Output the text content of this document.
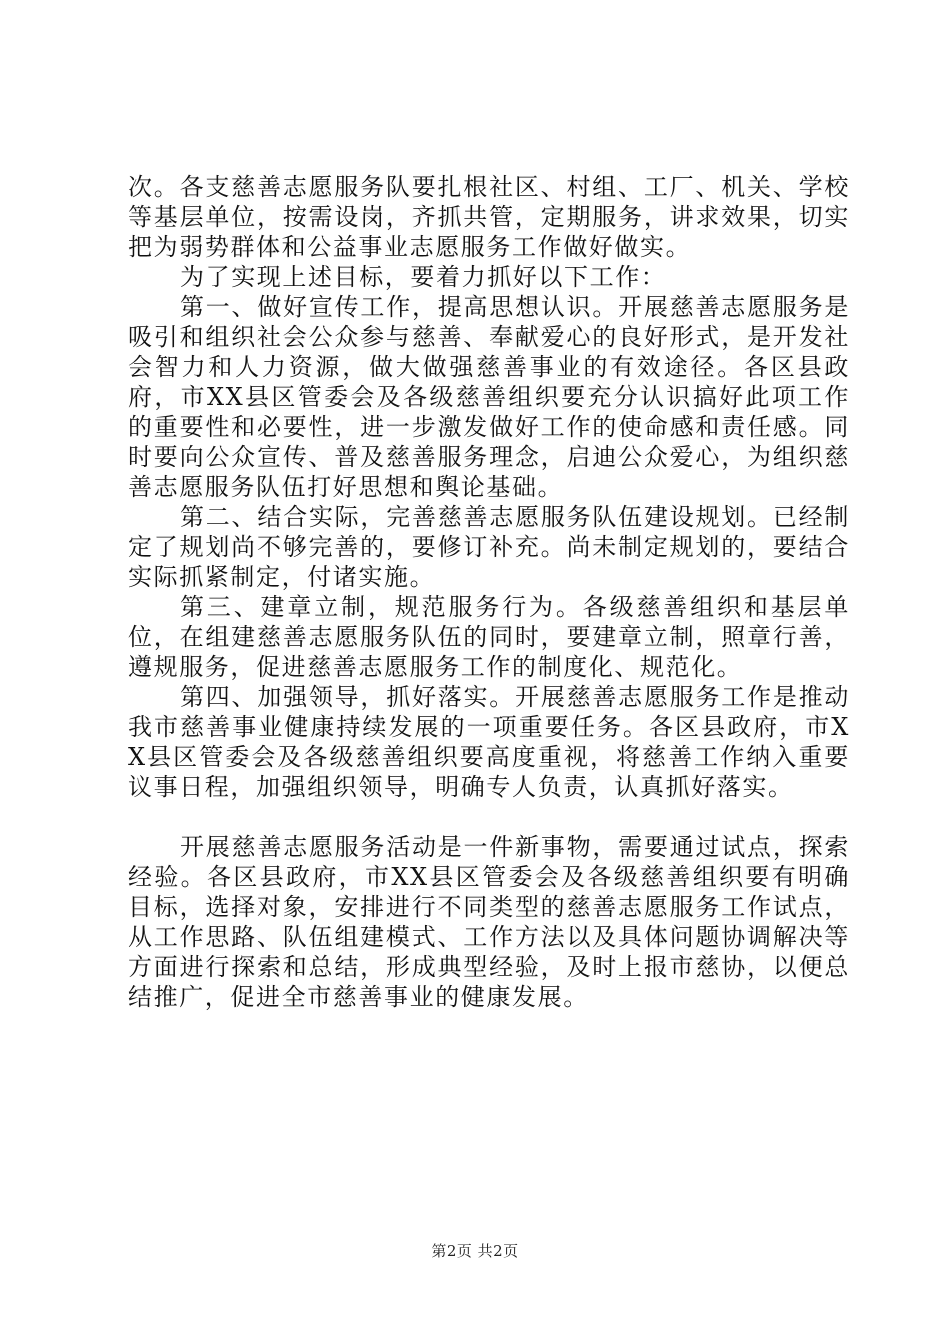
次。各支慈善志愿服务队要扎根社区、村组、工厂、机关、学校等基层单位，按需设岗，齐抓共管，定期服务，讲求效果，切实把为弱势群体和公益事业志愿服务工作做好做实。

为了实现上述目标，要着力抓好以下工作：

第一、做好宣传工作，提高思想认识。开展慈善志愿服务是吸引和组织社会公众参与慈善、奉献爱心的良好形式，是开发社会智力和人力资源，做大做强慈善事业的有效途径。各区县政府，市XX县区管委会及各级慈善组织要充分认识搞好此项工作的重要性和必要性，进一步激发做好工作的使命感和责任感。同时要向公众宣传、普及慈善服务理念，启迪公众爱心，为组织慈善志愿服务队伍打好思想和舆论基础。

第二、结合实际，完善慈善志愿服务队伍建设规划。已经制定了规划尚不够完善的，要修订补充。尚未制定规划的，要结合实际抓紧制定，付诸实施。

第三、建章立制，规范服务行为。各级慈善组织和基层单位，在组建慈善志愿服务队伍的同时，要建章立制，照章行善，遵规服务，促进慈善志愿服务工作的制度化、规范化。

第四、加强领导，抓好落实。开展慈善志愿服务工作是推动我市慈善事业健康持续发展的一项重要任务。各区县政府，市XX县区管委会及各级慈善组织要高度重视，将慈善工作纳入重要议事日程，加强组织领导，明确专人负责，认真抓好落实。

开展慈善志愿服务活动是一件新事物，需要通过试点，探索经验。各区县政府，市XX县区管委会及各级慈善组织要有明确目标，选择对象，安排进行不同类型的慈善志愿服务工作试点，从工作思路、队伍组建模式、工作方法以及具体问题协调解决等方面进行探索和总结，形成典型经验，及时上报市慈协，以便总结推广，促进全市慈善事业的健康发展。

第2页 共2页
